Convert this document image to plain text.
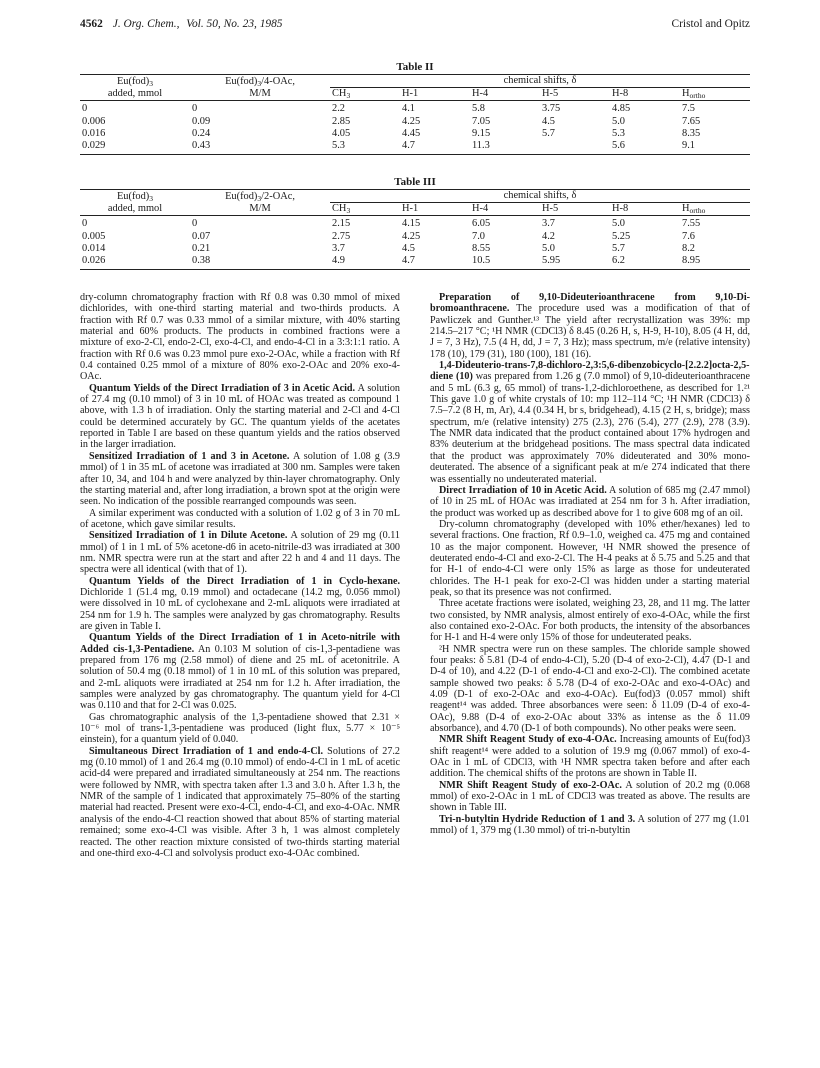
4562 J. Org. Chem., Vol. 50, No. 23, 1985	Cristol and Opitz
Table II
$Eu(fod)_3$	$Eu(fod)_3/4$-OAc,	chemical shifts, δ					
added, mmol	M/M	$CH_3$	H-1	H-4	H-5	H-8	$H_{ortho}$
0	0	2.2	4.1	5.8	3.75	4.85	7.5
0.006	0.09	2.85	4.25	7.05	4.5	5.0	7.65
0.016	0.24	4.05	4.45	9.15	5.7	5.3	8.35
0.029	0.43	5.3	4.7	11.3		5.6	9.1

Table III
$Eu(fod)_3$	$Eu(fod)_3/2$-OAc,	chemical shifts, δ					
added, mmol	M/M	$CH_3$	H-1	H-4	H-5	H-8	$H_{ortho}$
0	0	2.15	4.15	6.05	3.7	5.0	7.55
0.005	0.07	2.75	4.25	7.0	4.2	5.25	7.6
0.014	0.21	3.7	4.5	8.55	5.0	5.7	8.2
0.026	0.38	4.9	4.7	10.5	5.95	6.2	8.95

dry-column chromatography fraction with Rf 0.8 was 0.30 mmol of mixed dichlorides, with one-third starting material and two-thirds products. A fraction with Rf 0.7 was 0.33 mmol of a similar mixture, with 40% starting material and 60% products. The products in combined fractions were a mixture of exo-2-Cl, endo-2-Cl, exo-4-Cl, and endo-4-Cl in a 3:3:1:1 ratio. A fraction with Rf 0.6 was 0.23 mmol pure exo-2-OAc, while a fraction with Rf 0.4 contained 0.25 mmol of a mixture of 80% exo-2-OAc and 20% exo-4-OAc.

Quantum Yields of the Direct Irradiation of 3 in Acetic Acid. A solution of 27.4 mg (0.10 mmol) of 3 in 10 mL of HOAc was treated as compound 1 above, with 1.3 h of irradiation. Only the starting material and 2-Cl and 4-Cl could be determined accurately by GC. The quantum yields of the acetates reported in Table I are based on these quantum yields and the ratios observed in the larger irradiation.

Sensitized Irradiation of 1 and 3 in Acetone. A solution of 1.08 g (3.9 mmol) of 1 in 35 mL of acetone was irradiated at 300 nm. Samples were taken after 10, 34, and 104 h and were analyzed by thin-layer chromatography. Only the starting material and, after long irradiation, a brown spot at the origin were seen. No indication of the possible rearranged compounds was seen.

A similar experiment was conducted with a solution of 1.02 g of 3 in 70 mL of acetone, which gave similar results.

Sensitized Irradiation of 1 in Dilute Acetone. A solution of 29 mg (0.11 mmol) of 1 in 1 mL of 5% acetone-d6 in aceto-nitrile-d3 was irradiated at 300 nm. NMR spectra were run at the start and after 22 h and 4 and 11 days. The spectra were all identical (with that of 1).

Quantum Yields of the Direct Irradiation of 1 in Cyclo-hexane. Dichloride 1 (51.4 mg, 0.19 mmol) and octadecane (14.2 mg, 0.056 mmol) were dissolved in 10 mL of cyclohexane and 2-mL aliquots were irradiated at 254 nm for 1.9 h. The samples were analyzed by gas chromatography. Results are given in Table I.

Quantum Yields of the Direct Irradiation of 1 in Aceto-nitrile with Added cis-1,3-Pentadiene. An 0.103 M solution of cis-1,3-pentadiene was prepared from 176 mg (2.58 mmol) of diene and 25 mL of acetonitrile. A solution of 50.4 mg (0.18 mmol) of 1 in 10 mL of this solution was prepared, and 2-mL aliquots were irradiated at 254 nm for 1.2 h. After irradiation, the samples were analyzed by gas chromatography. The quantum yield for 4-Cl was 0.110 and that for 2-Cl was 0.025.

Gas chromatographic analysis of the 1,3-pentadiene showed that 2.31 × 10⁻⁶ mol of trans-1,3-pentadiene was produced (light flux, 5.77 × 10⁻⁵ einstein), for a quantum yield of 0.040.

Simultaneous Direct Irradiation of 1 and endo-4-Cl. Solutions of 27.2 mg (0.10 mmol) of 1 and 26.4 mg (0.10 mmol) of endo-4-Cl in 1 mL of acetic acid-d4 were prepared and irradiated simultaneously at 254 nm. The reactions were followed by NMR, with spectra taken after 1.3 and 3.0 h. After 1.3 h, the NMR of the sample of 1 indicated that approximately 75–80% of the starting material had reacted. Present were exo-4-Cl, endo-4-Cl, and exo-4-OAc. NMR analysis of the endo-4-Cl reaction showed that about 85% of starting material remained; some exo-4-Cl was visible. After 3 h, 1 was almost completely reacted. The other reaction mixture consisted of two-thirds starting material and one-third exo-4-Cl and solvolysis product exo-4-OAc combined.

Preparation of 9,10-Dideuterioanthracene from 9,10-Di-bromoanthracene. The procedure used was a modification of that of Pawliczek and Gunther.¹³ The yield after recrystallization was 39%: mp 214.5–217 °C; ¹H NMR (CDCl3) δ 8.45 (0.26 H, s, H-9, H-10), 8.05 (4 H, dd, J = 7, 3 Hz), 7.5 (4 H, dd, J = 7, 3 Hz); mass spectrum, m/e (relative intensity) 178 (10), 179 (31), 180 (100), 181 (16).

1,4-Dideuterio-trans-7,8-dichloro-2,3:5,6-dibenzobicyclo-[2.2.2]octa-2,5-diene (10) was prepared from 1.26 g (7.0 mmol) of 9,10-dideuterioanthracene and 5 mL (6.3 g, 65 mmol) of trans-1,2-dichloroethene, as described for 1.²¹ This gave 1.0 g of white crystals of 10: mp 112–114 °C; ¹H NMR (CDCl3) δ 7.5–7.2 (8 H, m, Ar), 4.4 (0.34 H, br s, bridgehead), 4.15 (2 H, s, bridge); mass spectrum, m/e (relative intensity) 275 (2.3), 276 (5.4), 277 (2.9), 278 (3.9). The NMR data indicated that the product contained about 17% hydrogen and 83% deuterium at the bridgehead positions. The mass spectral data indicated that the product was approximately 70% dideuterated and 30% mono-deuterated. The absence of a significant peak at m/e 274 indicated that there was essentially no undeuterated material.

Direct Irradiation of 10 in Acetic Acid. A solution of 685 mg (2.47 mmol) of 10 in 25 mL of HOAc was irradiated at 254 nm for 3 h. After irradiation, the product was worked up as described above for 1 to give 608 mg of an oil.

Dry-column chromatography (developed with 10% ether/hexanes) led to several fractions. One fraction, Rf 0.9–1.0, weighed ca. 475 mg and contained 10 as the major component. However, ¹H NMR showed the presence of deuterated endo-4-Cl and exo-2-Cl. The H-4 peaks at δ 5.75 and 5.25 and that for H-1 of endo-4-Cl were only 15% as large as those for undeuterated chlorides. The H-1 peak for exo-2-Cl was hidden under a starting material peak, so that its presence was not confirmed.

Three acetate fractions were isolated, weighing 23, 28, and 11 mg. The latter two consisted, by NMR analysis, almost entirely of exo-4-OAc, while the first also contained exo-2-OAc. For both products, the intensity of the absorbances for H-1 and H-4 were only 15% of those for undeuterated peaks.

²H NMR spectra were run on these samples. The chloride sample showed four peaks: δ 5.81 (D-4 of endo-4-Cl), 5.20 (D-4 of exo-2-Cl), 4.47 (D-1 and D-4 of 10), and 4.22 (D-1 of endo-4-Cl and exo-2-Cl). The combined acetate sample showed two peaks: δ 5.78 (D-4 of exo-2-OAc and exo-4-OAc) and 4.09 (D-1 of exo-2-OAc and exo-4-OAc). Eu(fod)3 (0.057 mmol) shift reagent¹⁴ was added. Three absorbances were seen: δ 11.09 (D-4 of exo-4-OAc), 9.88 (D-4 of exo-2-OAc about 33% as intense as the δ 11.09 absorbance), and 4.70 (D-1 of both compounds). No other peaks were seen.

NMR Shift Reagent Study of exo-4-OAc. Increasing amounts of Eu(fod)3 shift reagent¹⁴ were added to a solution of 19.9 mg (0.067 mmol) of exo-4-OAc in 1 mL of CDCl3, with ¹H NMR spectra taken before and after each addition. The chemical shifts of the protons are shown in Table II.

NMR Shift Reagent Study of exo-2-OAc. A solution of 20.2 mg (0.068 mmol) of exo-2-OAc in 1 mL of CDCl3 was treated as above. The results are shown in Table III.

Tri-n-butyltin Hydride Reduction of 1 and 3. A solution of 277 mg (1.01 mmol) of 1, 379 mg (1.30 mmol) of tri-n-butyltin
